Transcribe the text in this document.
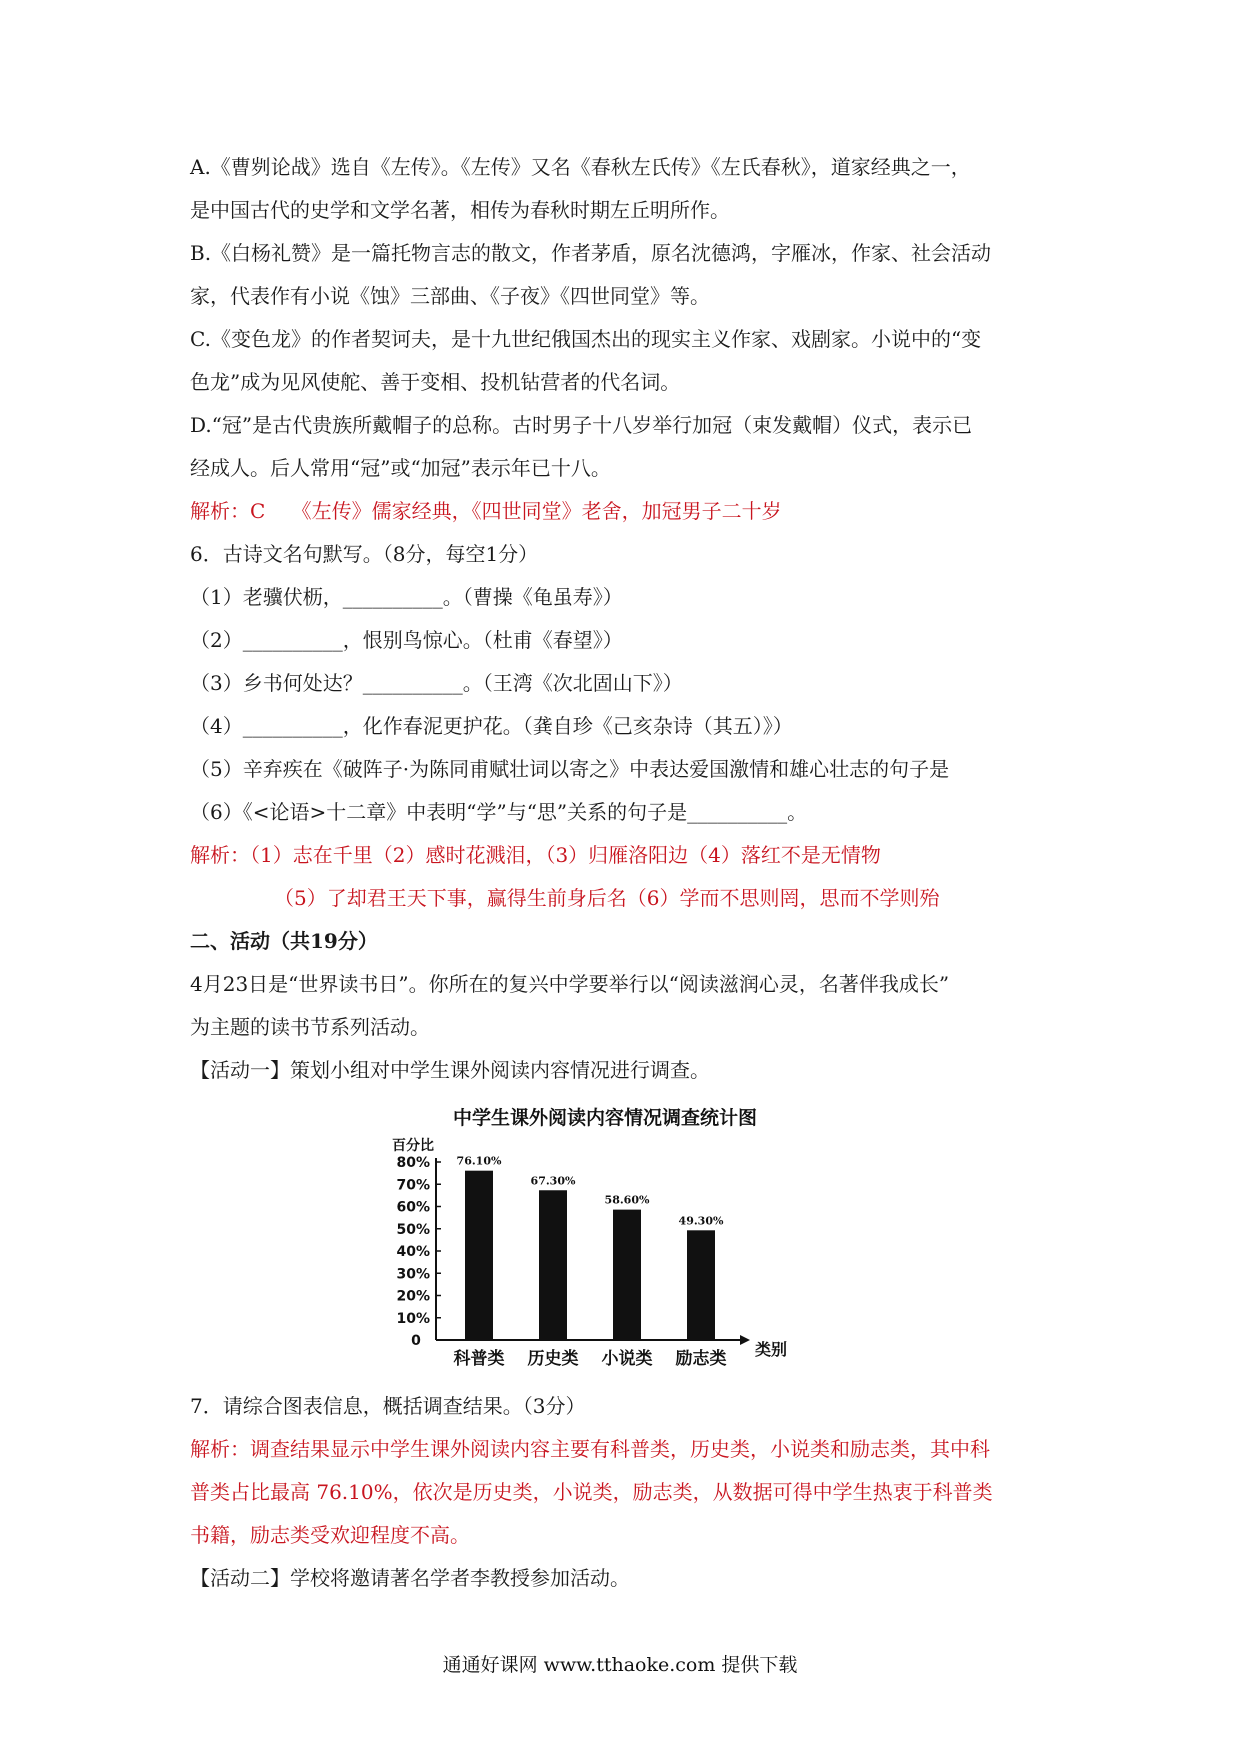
A.《曹刿论战》选自《左传》。《左传》又名《春秋左氏传》《左氏春秋》，道家经典之一，

是中国古代的史学和文学名著，相传为春秋时期左丘明所作。

B.《白杨礼赞》是一篇托物言志的散文，作者茅盾，原名沈德鸿，字雁冰，作家、社会活动

家，代表作有小说《蚀》三部曲、《子夜》《四世同堂》等。

C.《变色龙》的作者契诃夫，是十九世纪俄国杰出的现实主义作家、戏剧家。小说中的“变

色龙”成为见风使舵、善于变相、投机钻营者的代名词。

D.“冠”是古代贵族所戴帽子的总称。古时男子十八岁举行加冠（束发戴帽）仪式，表示已

经成人。后人常用“冠”或“加冠”表示年已十八。

解析：C　 《左传》儒家经典，《四世同堂》老舍，加冠男子二十岁

6．古诗文名句默写。（8分，每空1分）

（1）老骥伏枥，__________。（曹操《龟虽寿》）

（2）__________，恨别鸟惊心。（杜甫《春望》）

（3）乡书何处达？__________。（王湾《次北固山下》）

（4）__________，化作春泥更护花。（龚自珍《己亥杂诗（其五）》）

（5）辛弃疾在《破阵子·为陈同甫赋壮词以寄之》中表达爱国激情和雄心壮志的句子是

（6）《<论语>十二章》中表明“学”与“思”关系的句子是__________。

解析：（1）志在千里（2）感时花溅泪，（3）归雁洛阳边（4）落红不是无情物

（5）了却君王天下事，赢得生前身后名（6）学而不思则罔，思而不学则殆

二、活动（共19分）

4月23日是“世界读书日”。你所在的复兴中学要举行以“阅读滋润心灵，名著伴我成长”

为主题的读书节系列活动。

【活动一】策划小组对中学生课外阅读内容情况进行调查。

中学生课外阅读内容情况调查统计图
百分比
类别
0
10%
20%
30%
40%
50%
60%
70%
80% 76.10%
科普类
67.30%
历史类
58.60%
小说类
49.30%
励志类

7．请综合图表信息，概括调查结果。（3分）

解析：调查结果显示中学生课外阅读内容主要有科普类，历史类，小说类和励志类，其中科

普类占比最高 76.10%，依次是历史类，小说类，励志类，从数据可得中学生热衷于科普类

书籍，励志类受欢迎程度不高。

【活动二】学校将邀请著名学者李教授参加活动。

通通好课网 www.tthaoke.com 提供下载
